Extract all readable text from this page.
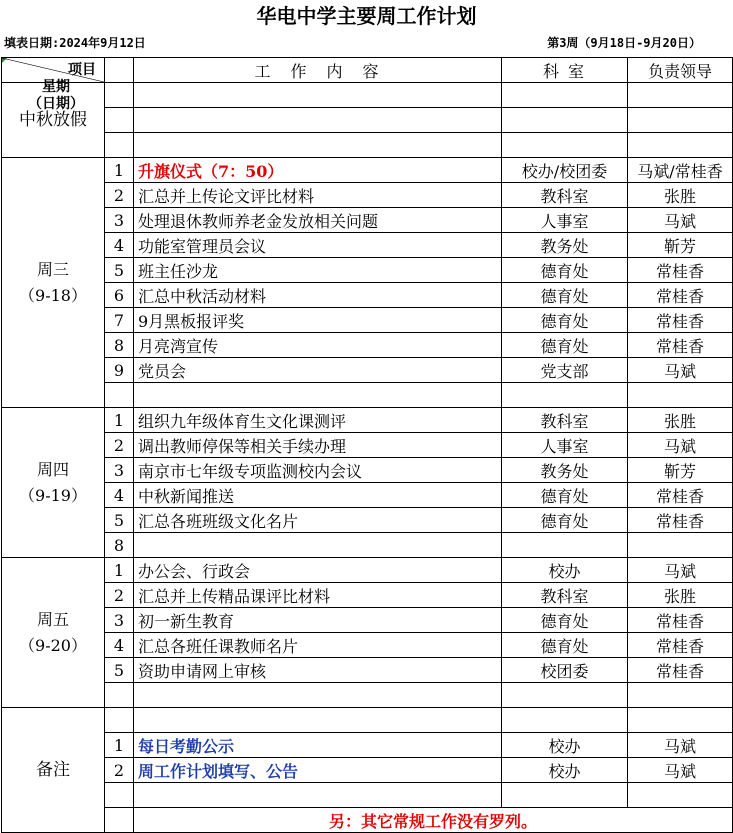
华电中学主要周工作计划
填表日期:2024年9月12日	第3周（9月18日-9月20日）
项目
星期
（日期）		工　作　内　容	科 室	负责领导
中秋放假				

周三
（9-18）	1	升旗仪式（7：50）	校办/校团委	马斌/常桂香
	2	汇总并上传论文评比材料	教科室	张胜
	3	处理退休教师养老金发放相关问题	人事室	马斌
	4	功能室管理员会议	教务处	靳芳
	5	班主任沙龙	德育处	常桂香
	6	汇总中秋活动材料	德育处	常桂香
	7	9月黑板报评奖	德育处	常桂香
	8	月亮湾宣传	德育处	常桂香
	9	党员会	党支部	马斌

周四
（9-19）	1	组织九年级体育生文化课测评	教科室	张胜
	2	调出教师停保等相关手续办理	人事室	马斌
	3	南京市七年级专项监测校内会议	教务处	靳芳
	4	中秋新闻推送	德育处	常桂香
	5	汇总各班班级文化名片	德育处	常桂香
	8			
周五
（9-20）	1	办公会、行政会	校办	马斌
	2	汇总并上传精品课评比材料	教科室	张胜
	3	初一新生教育	德育处	常桂香
	4	汇总各班任课教师名片	德育处	常桂香
	5	资助申请网上审核	校团委	常桂香

备注				
	1	每日考勤公示	校办	马斌
	2	周工作计划填写、公告	校办	马斌

		另：其它常规工作没有罗列。		
